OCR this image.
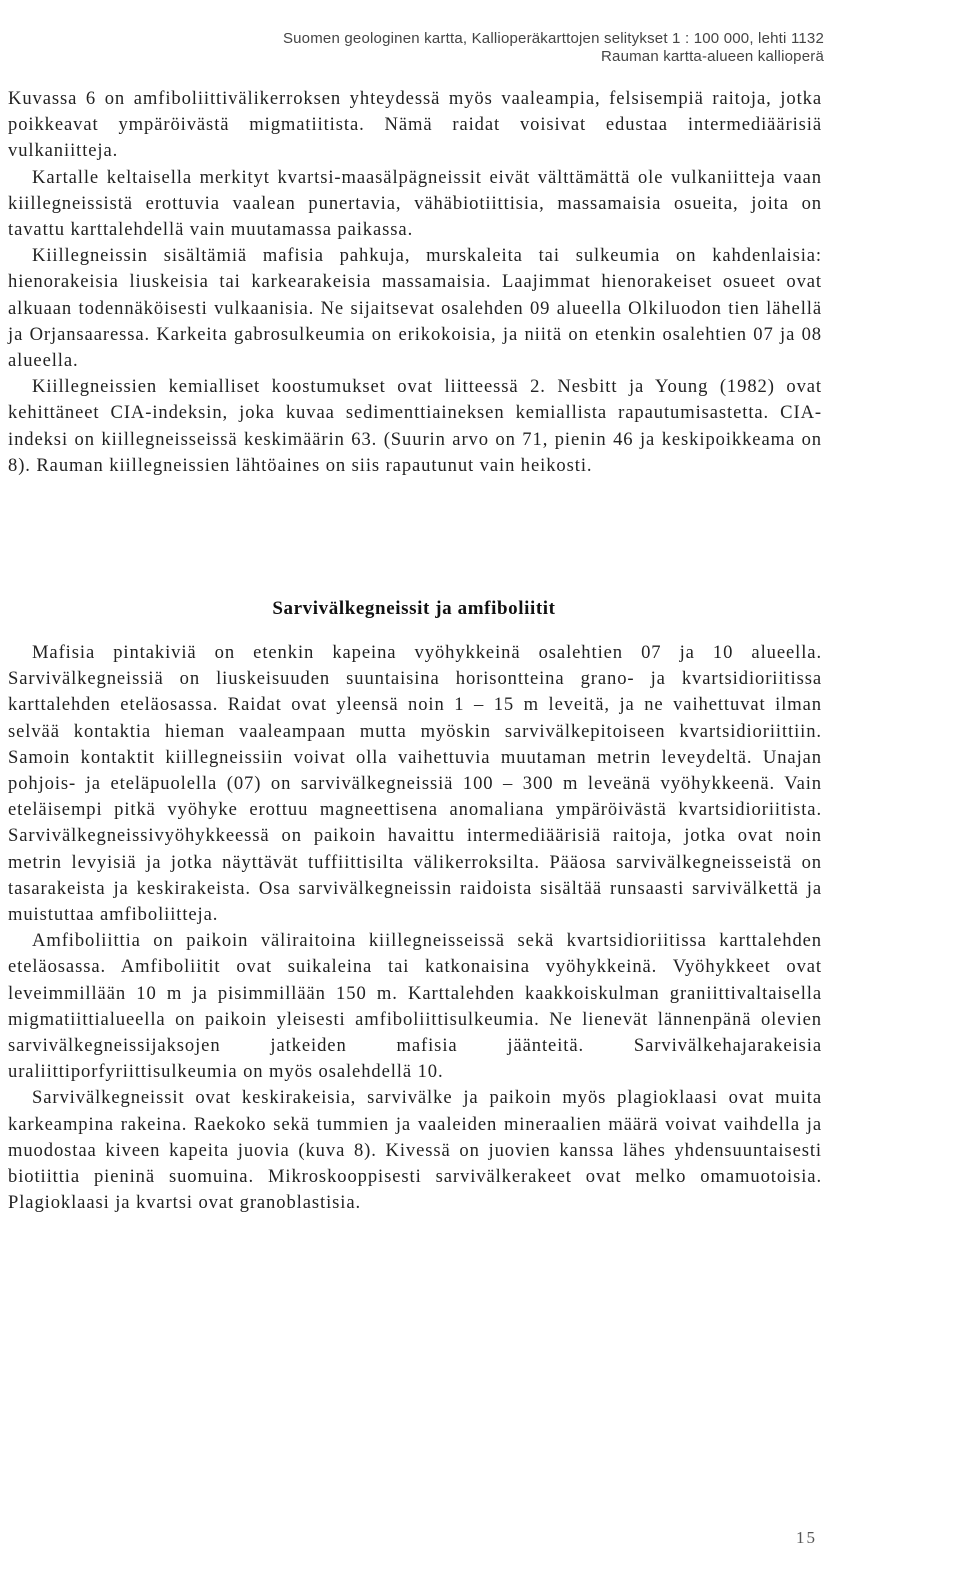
Suomen geologinen kartta, Kallioperäkarttojen selitykset 1 : 100 000, lehti 1132
Rauman kartta-alueen kallioperä

Kuvassa 6 on amfiboliittivälikerroksen yhteydessä myös vaaleampia, felsisempiä raitoja, jotka poikkeavat ympäröivästä migmatiitista. Nämä raidat voisivat edustaa intermediäärisiä vulkaniitteja.

Kartalle keltaisella merkityt kvartsi-maasälpägneissit eivät välttämättä ole vulkaniitteja vaan kiillegneissistä erottuvia vaalean punertavia, vähäbiotiittisia, massamaisia osueita, joita on tavattu karttalehdellä vain muutamassa paikassa.

Kiillegneissin sisältämiä mafisia pahkuja, murskaleita tai sulkeumia on kahdenlaisia: hienorakeisia liuskeisia tai karkearakeisia massamaisia. Laajimmat hienorakeiset osueet ovat alkuaan todennäköisesti vulkaanisia. Ne sijaitsevat osalehden 09 alueella Olkiluodon tien lähellä ja Orjansaaressa. Karkeita gabrosulkeumia on erikokoisia, ja niitä on etenkin osalehtien 07 ja 08 alueella.

Kiillegneissien kemialliset koostumukset ovat liitteessä 2. Nesbitt ja Young (1982) ovat kehittäneet CIA-indeksin, joka kuvaa sedimenttiaineksen kemiallista rapautumisastetta. CIA-indeksi on kiillegneisseissä keskimäärin 63. (Suurin arvo on 71, pienin 46 ja keskipoikkeama on 8). Rauman kiillegneissien lähtöaines on siis rapautunut vain heikosti.

Sarvivälkegneissit ja amfiboliitit

Mafisia pintakiviä on etenkin kapeina vyöhykkeinä osalehtien 07 ja 10 alueella. Sarvivälkegneissiä on liuskeisuuden suuntaisina horisontteina grano- ja kvartsidioriitissa karttalehden eteläosassa. Raidat ovat yleensä noin 1 – 15 m leveitä, ja ne vaihettuvat ilman selvää kontaktia hieman vaaleampaan mutta myöskin sarvivälkepitoiseen kvartsidioriittiin. Samoin kontaktit kiillegneissiin voivat olla vaihettuvia muutaman metrin leveydeltä. Unajan pohjois- ja eteläpuolella (07) on sarvivälkegneissiä 100 – 300 m leveänä vyöhykkeenä. Vain eteläisempi pitkä vyöhyke erottuu magneettisena anomaliana ympäröivästä kvartsidioriitista. Sarvivälkegneissivyöhykkeessä on paikoin havaittu intermediäärisiä raitoja, jotka ovat noin metrin levyisiä ja jotka näyttävät tuffiittisilta välikerroksilta. Pääosa sarvivälkegneisseistä on tasarakeista ja keskirakeista. Osa sarvivälkegneissin raidoista sisältää runsaasti sarvivälkettä ja muistuttaa amfiboliitteja.

Amfiboliittia on paikoin väliraitoina kiillegneisseissä sekä kvartsidioriitissa karttalehden eteläosassa. Amfiboliitit ovat suikaleina tai katkonaisina vyöhykkeinä. Vyöhykkeet ovat leveimmillään 10 m ja pisimmillään 150 m. Karttalehden kaakkoiskulman graniittivaltaisella migmatiittialueella on paikoin yleisesti amfiboliittisulkeumia. Ne lienevät lännenpänä olevien sarvivälkegneissijaksojen jatkeiden mafisia jäänteitä. Sarvivälkehajarakeisia uraliittiporfyriittisulkeumia on myös osalehdellä 10.

Sarvivälkegneissit ovat keskirakeisia, sarvivälke ja paikoin myös plagioklaasi ovat muita karkeampina rakeina. Raekoko sekä tummien ja vaaleiden mineraalien määrä voivat vaihdella ja muodostaa kiveen kapeita juovia (kuva 8). Kivessä on juovien kanssa lähes yhdensuuntaisesti biotiittia pieninä suomuina. Mikroskooppisesti sarvivälkerakeet ovat melko omamuotoisia. Plagioklaasi ja kvartsi ovat granoblastisia.

15
